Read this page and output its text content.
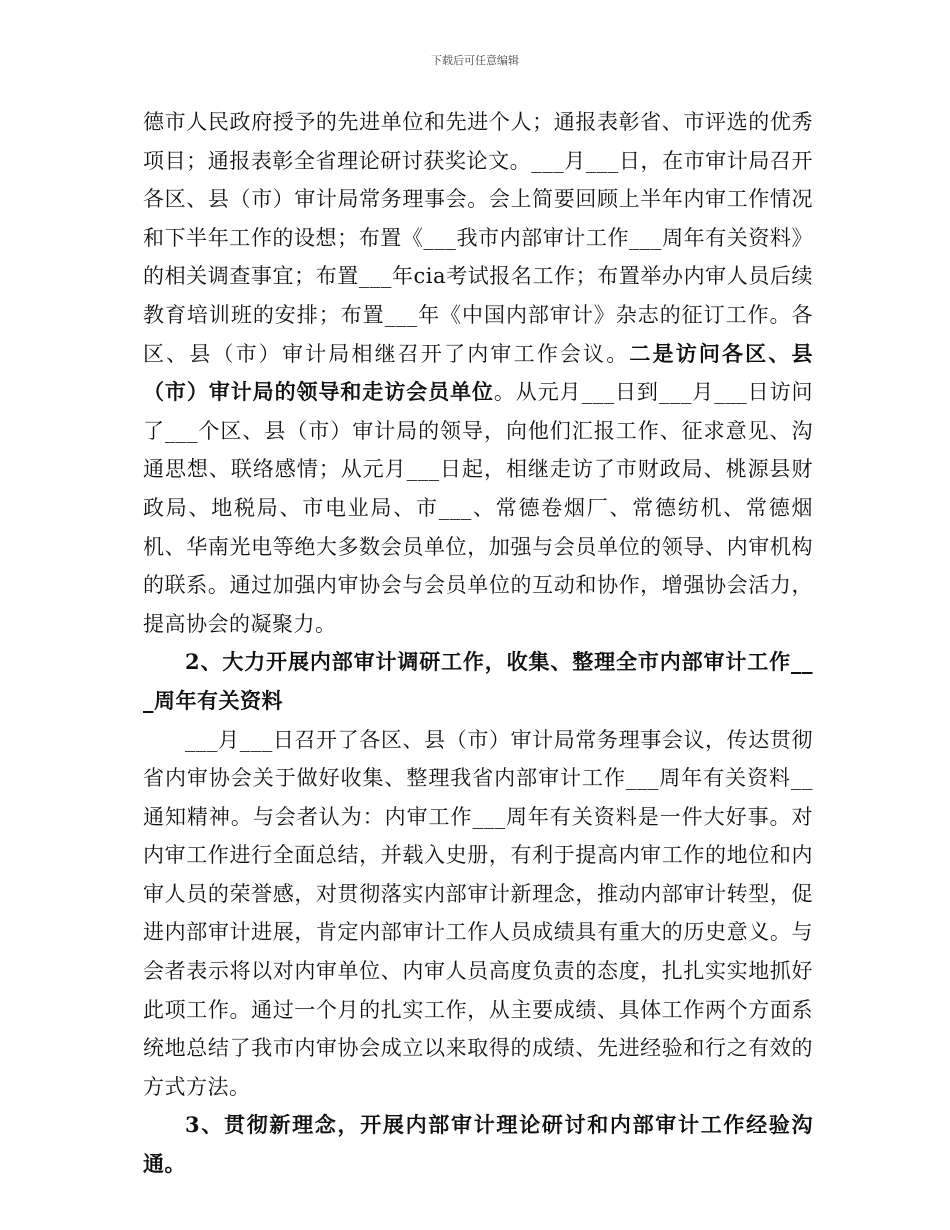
下载后可任意编辑

德市人民政府授予的先进单位和先进个人；通报表彰省、市评选的优秀项目；通报表彰全省理论研讨获奖论文。___月___日，在市审计局召开各区、县（市）审计局常务理事会。会上简要回顾上半年内审工作情况和下半年工作的设想；布置《___我市内部审计工作___周年有关资料》的相关调查事宜；布置___年cia考试报名工作；布置举办内审人员后续教育培训班的安排；布置___年《中国内部审计》杂志的征订工作。各区、县（市）审计局相继召开了内审工作会议。二是访问各区、县（市）审计局的领导和走访会员单位。从元月___日到___月___日访问了___个区、县（市）审计局的领导，向他们汇报工作、征求意见、沟通思想、联络感情；从元月___日起，相继走访了市财政局、桃源县财政局、地税局、市电业局、市___、常德卷烟厂、常德纺机、常德烟机、华南光电等绝大多数会员单位，加强与会员单位的领导、内审机构的联系。通过加强内审协会与会员单位的互动和协作，增强协会活力，提高协会的凝聚力。

2、大力开展内部审计调研工作，收集、整理全市内部审计工作___周年有关资料

___月___日召开了各区、县（市）审计局常务理事会议，传达贯彻省内审协会关于做好收集、整理我省内部审计工作___周年有关资料__通知精神。与会者认为：内审工作___周年有关资料是一件大好事。对内审工作进行全面总结，并载入史册，有利于提高内审工作的地位和内审人员的荣誉感，对贯彻落实内部审计新理念，推动内部审计转型，促进内部审计进展，肯定内部审计工作人员成绩具有重大的历史意义。与会者表示将以对内审单位、内审人员高度负责的态度，扎扎实实地抓好此项工作。通过一个月的扎实工作，从主要成绩、具体工作两个方面系统地总结了我市内审协会成立以来取得的成绩、先进经验和行之有效的方式方法。

3、贯彻新理念，开展内部审计理论研讨和内部审计工作经验沟通。
